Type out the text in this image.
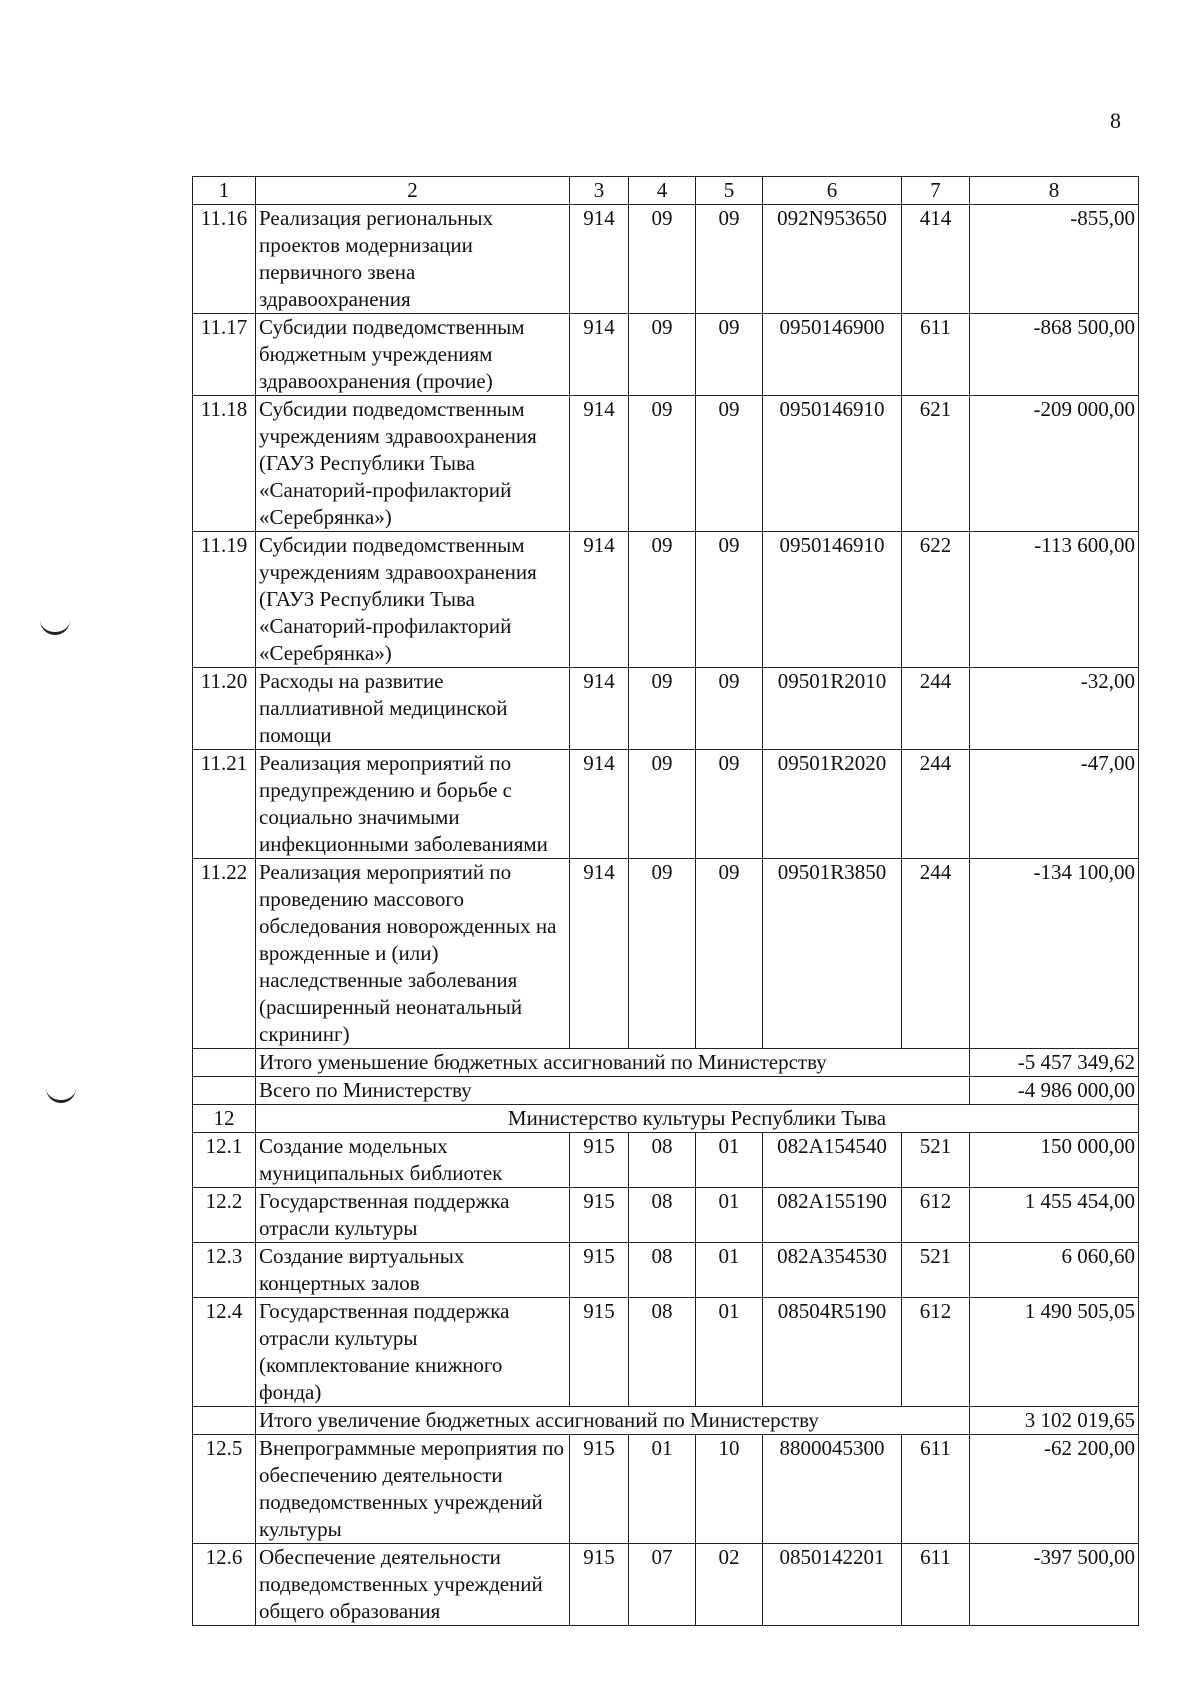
8
1	2	3	4	5	6	7	8
11.16	Реализация региональных проектов модернизации первичного звена здравоохранения	914	09	09	092N953650	414	-855,00
11.17	Субсидии подведомственным бюджетным учреждениям здравоохранения (прочие)	914	09	09	0950146900	611	-868 500,00
11.18	Субсидии подведомственным учреждениям здравоохранения (ГАУЗ Республики Тыва «Санаторий-профилакторий «Серебрянка»)	914	09	09	0950146910	621	-209 000,00
11.19	Субсидии подведомственным учреждениям здравоохранения (ГАУЗ Республики Тыва «Санаторий-профилакторий «Серебрянка»)	914	09	09	0950146910	622	-113 600,00
11.20	Расходы на развитие паллиативной медицинской помощи	914	09	09	09501R2010	244	-32,00
11.21	Реализация мероприятий по предупреждению и борьбе с социально значимыми инфекционными заболеваниями	914	09	09	09501R2020	244	-47,00
11.22	Реализация мероприятий по проведению массового обследования новорожденных на врожденные и (или) наследственные заболевания (расширенный неонатальный скрининг)	914	09	09	09501R3850	244	-134 100,00
	Итого уменьшение бюджетных ассигнований по Министерству						-5 457 349,62
	Всего по Министерству						-4 986 000,00
12	Министерство культуры Республики Тыва						
12.1	Создание модельных муниципальных библиотек	915	08	01	082A154540	521	150 000,00
12.2	Государственная поддержка отрасли культуры	915	08	01	082A155190	612	1 455 454,00
12.3	Создание виртуальных концертных залов	915	08	01	082A354530	521	6 060,60
12.4	Государственная поддержка отрасли культуры (комплектование книжного фонда)	915	08	01	08504R5190	612	1 490 505,05
	Итого увеличение бюджетных ассигнований по Министерству						3 102 019,65
12.5	Внепрограммные мероприятия по обеспечению деятельности подведомственных учреждений культуры	915	01	10	8800045300	611	-62 200,00
12.6	Обеспечение деятельности подведомственных учреждений общего образования	915	07	02	0850142201	611	-397 500,00
